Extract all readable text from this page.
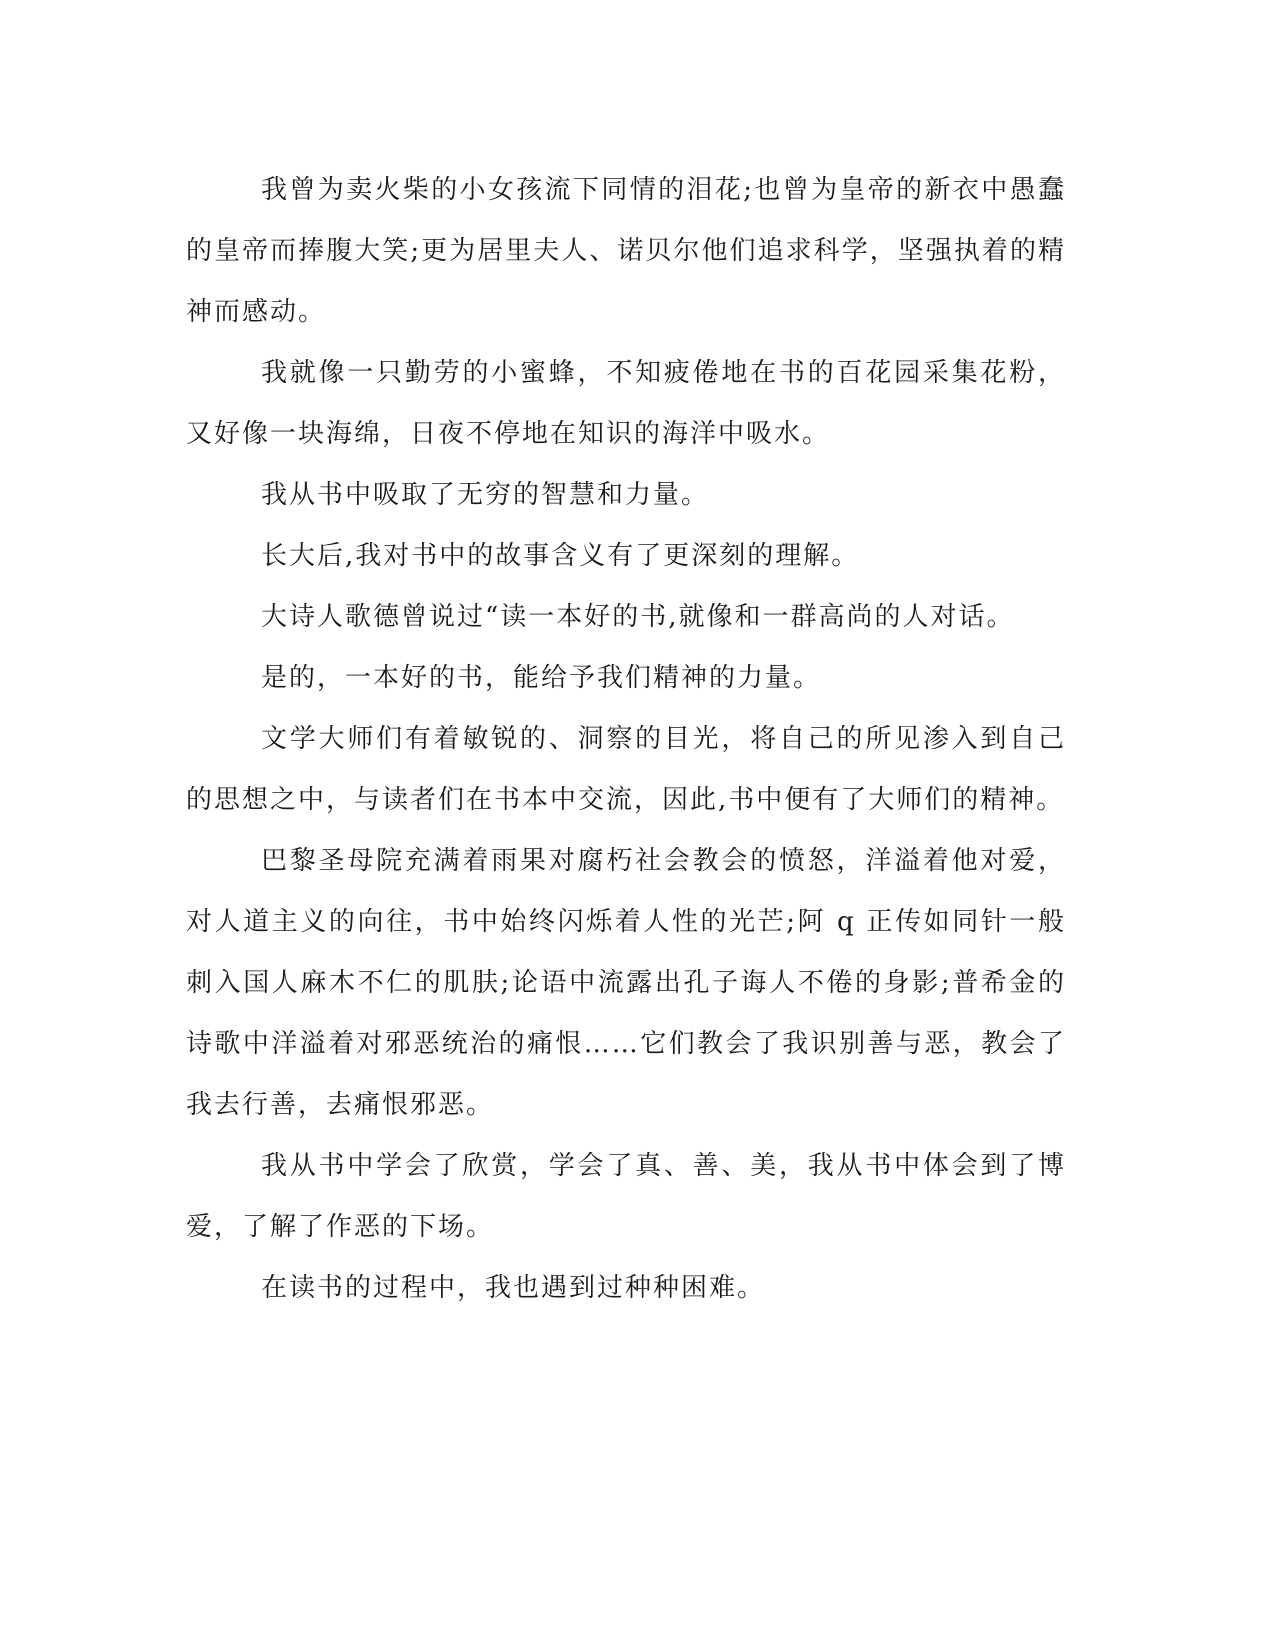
我曾为卖火柴的小女孩流下同情的泪花;也曾为皇帝的新衣中愚蠢的皇帝而捧腹大笑;更为居里夫人、诺贝尔他们追求科学，坚强执着的精神而感动。

我就像一只勤劳的小蜜蜂，不知疲倦地在书的百花园采集花粉，又好像一块海绵，日夜不停地在知识的海洋中吸水。

我从书中吸取了无穷的智慧和力量。

长大后,我对书中的故事含义有了更深刻的理解。

大诗人歌德曾说过“读一本好的书,就像和一群高尚的人对话。

是的，一本好的书，能给予我们精神的力量。

文学大师们有着敏锐的、洞察的目光，将自己的所见渗入到自己的思想之中，与读者们在书本中交流，因此,书中便有了大师们的精神。

巴黎圣母院充满着雨果对腐朽社会教会的愤怒，洋溢着他对爱，对人道主义的向往，书中始终闪烁着人性的光芒;阿 q 正传如同针一般刺入国人麻木不仁的肌肤;论语中流露出孔子诲人不倦的身影;普希金的诗歌中洋溢着对邪恶统治的痛恨……它们教会了我识别善与恶，教会了我去行善，去痛恨邪恶。

我从书中学会了欣赏，学会了真、善、美，我从书中体会到了博爱，了解了作恶的下场。

在读书的过程中，我也遇到过种种困难。
